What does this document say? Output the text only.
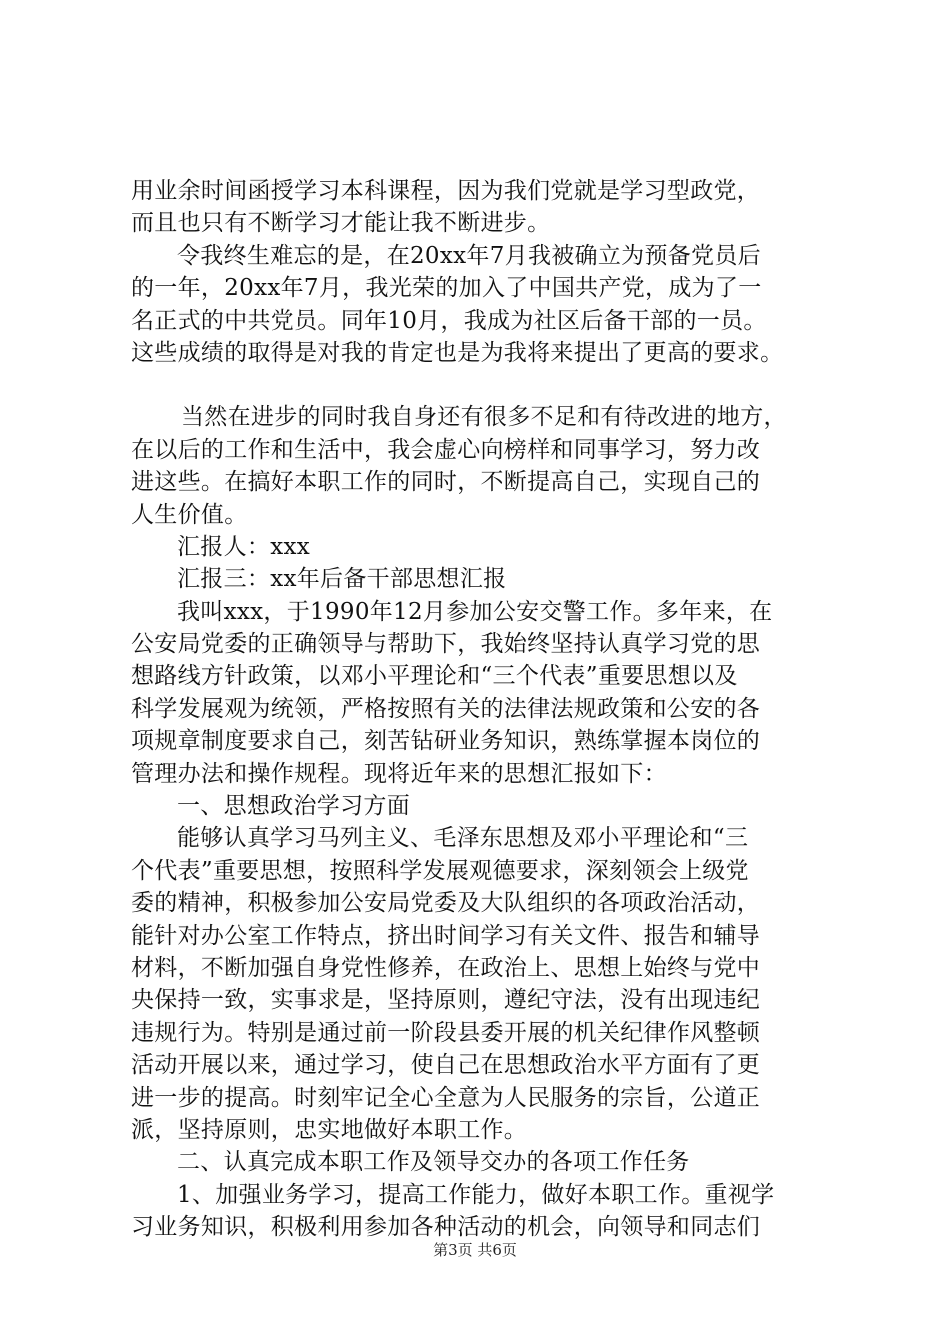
用业余时间函授学习本科课程，因为我们党就是学习型政党，
而且也只有不断学习才能让我不断进步。
令我终生难忘的是，在20xx年7月我被确立为预备党员后
的一年，20xx年7月，我光荣的加入了中国共产党，成为了一
名正式的中共党员。同年10月，我成为社区后备干部的一员。
这些成绩的取得是对我的肯定也是为我将来提出了更高的要求。
当然在进步的同时我自身还有很多不足和有待改进的地方，
在以后的工作和生活中，我会虚心向榜样和同事学习，努力改
进这些。在搞好本职工作的同时，不断提高自己，实现自己的
人生价值。
汇报人：xxx
汇报三：xx年后备干部思想汇报
我叫xxx，于1990年12月参加公安交警工作。多年来，在
公安局党委的正确领导与帮助下，我始终坚持认真学习党的思
想路线方针政策，以邓小平理论和“三个代表”重要思想以及
科学发展观为统领，严格按照有关的法律法规政策和公安的各
项规章制度要求自己，刻苦钻研业务知识，熟练掌握本岗位的
管理办法和操作规程。现将近年来的思想汇报如下：
一、思想政治学习方面
能够认真学习马列主义、毛泽东思想及邓小平理论和“三
个代表”重要思想，按照科学发展观德要求，深刻领会上级党
委的精神，积极参加公安局党委及大队组织的各项政治活动，
能针对办公室工作特点，挤出时间学习有关文件、报告和辅导
材料，不断加强自身党性修养，在政治上、思想上始终与党中
央保持一致，实事求是，坚持原则，遵纪守法，没有出现违纪
违规行为。特别是通过前一阶段县委开展的机关纪律作风整顿
活动开展以来，通过学习，使自己在思想政治水平方面有了更
进一步的提高。时刻牢记全心全意为人民服务的宗旨，公道正
派，坚持原则，忠实地做好本职工作。
二、认真完成本职工作及领导交办的各项工作任务
1、加强业务学习，提高工作能力，做好本职工作。重视学
习业务知识，积极利用参加各种活动的机会，向领导和同志们
第3页 共6页
